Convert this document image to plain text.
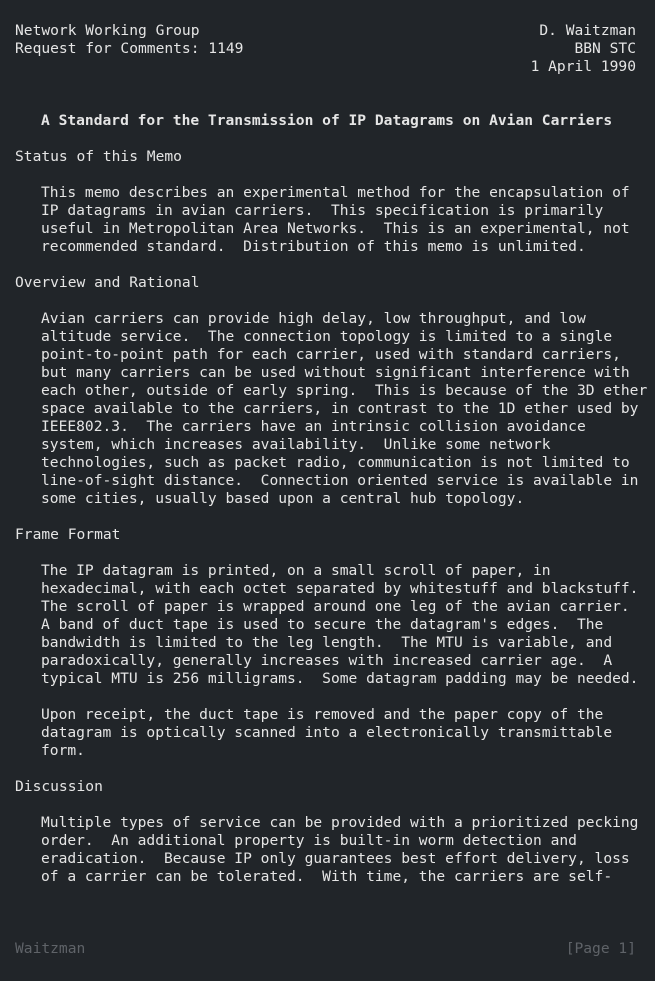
Network Working Group
Request for Comments: 1149
D. Waitzman
BBN STC
1 April 1990
A Standard for the Transmission of IP Datagrams on Avian Carriers
Status of this Memo
This memo describes an experimental method for the encapsulation of
IP datagrams in avian carriers.  This specification is primarily
useful in Metropolitan Area Networks.  This is an experimental, not
recommended standard.  Distribution of this memo is unlimited.
Overview and Rational
Avian carriers can provide high delay, low throughput, and low
altitude service.  The connection topology is limited to a single
point-to-point path for each carrier, used with standard carriers,
but many carriers can be used without significant interference with
each other, outside of early spring.  This is because of the 3D ether
space available to the carriers, in contrast to the 1D ether used by
IEEE802.3.  The carriers have an intrinsic collision avoidance
system, which increases availability.  Unlike some network
technologies, such as packet radio, communication is not limited to
line-of-sight distance.  Connection oriented service is available in
some cities, usually based upon a central hub topology.
Frame Format
The IP datagram is printed, on a small scroll of paper, in
hexadecimal, with each octet separated by whitestuff and blackstuff.
The scroll of paper is wrapped around one leg of the avian carrier.
A band of duct tape is used to secure the datagram's edges.  The
bandwidth is limited to the leg length.  The MTU is variable, and
paradoxically, generally increases with increased carrier age.  A
typical MTU is 256 milligrams.  Some datagram padding may be needed.
Upon receipt, the duct tape is removed and the paper copy of the
datagram is optically scanned into a electronically transmittable
form.
Discussion
Multiple types of service can be provided with a prioritized pecking
order.  An additional property is built-in worm detection and
eradication.  Because IP only guarantees best effort delivery, loss
of a carrier can be tolerated.  With time, the carriers are self-
Waitzman	[Page 1]
